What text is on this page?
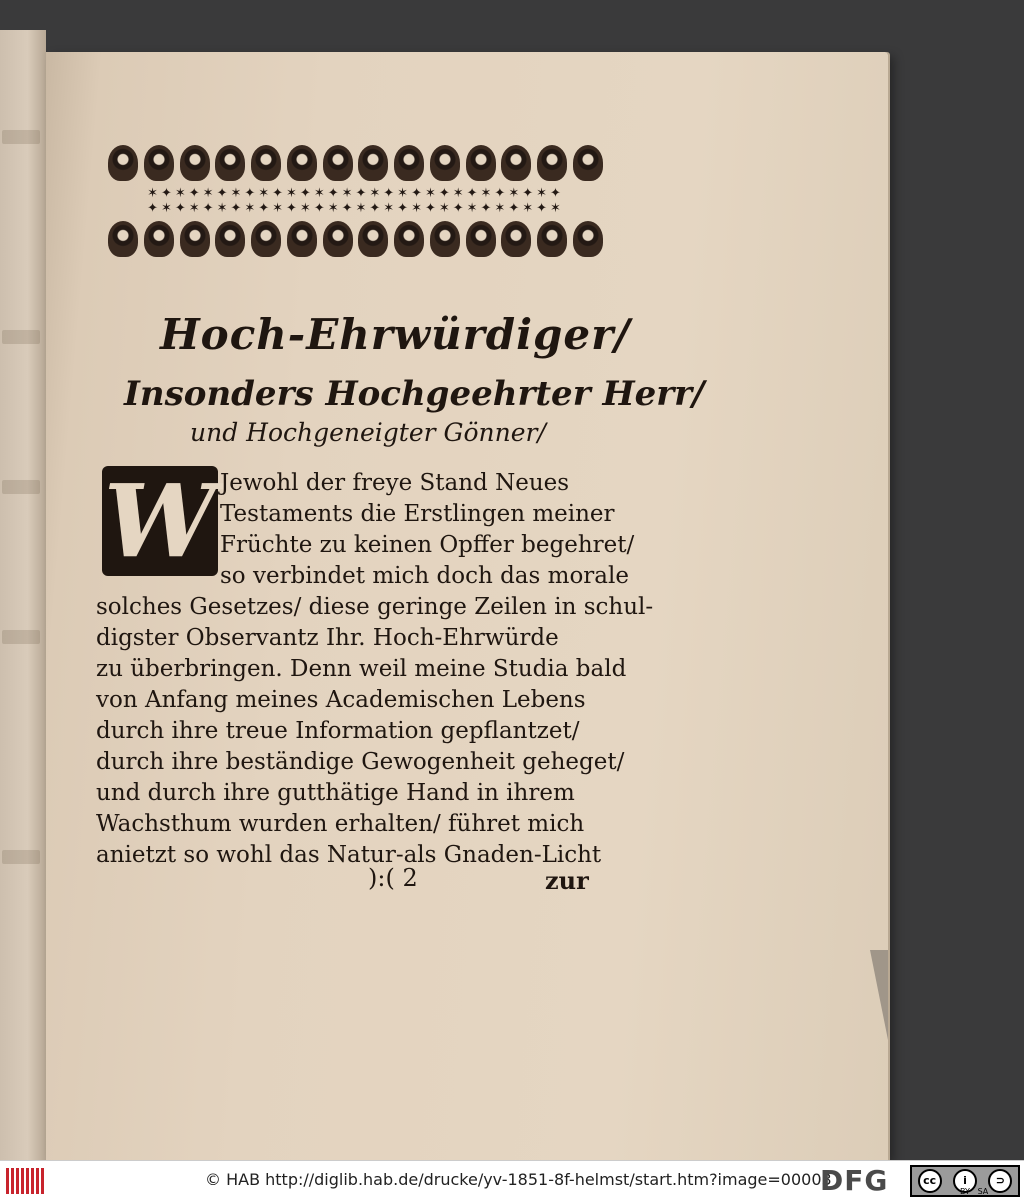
✶✦✶✦✶✦✶✦✶✦✶✦✶✦✶✦✶✦✶✦✶✦✶✦✶✦✶✦✶✦
✦✶✦✶✦✶✦✶✦✶✦✶✦✶✦✶✦✶✦✶✦✶✦✶✦✶✦✶✦✶
Hoch-Ehrwürdiger/
Insonders Hochgeehrter Herr/
und Hochgeneigter Gönner/
W Jewohl der freye Stand Neues
Testaments die Erstlingen meiner
Früchte zu keinen Opffer begehret/
so verbindet mich doch das morale
solches Gesetzes/ diese geringe Zeilen in schul-
digster Observantz Ihr. Hoch-Ehrwürde
zu überbringen. Denn weil meine Studia bald
von Anfang meines Academischen Lebens
durch ihre treue Information gepflantzet/
durch ihre beständige Gewogenheit geheget/
und durch ihre gutthätige Hand in ihrem
Wachsthum wurden erhalten/ führet mich
anietzt so wohl das Natur-als Gnaden-Licht
):( 2	zur
© HAB http://diglib.hab.de/drucke/yv-1851-8f-helmst/start.htm?image=00003
DFG	cc	i	⊃
BY SA
